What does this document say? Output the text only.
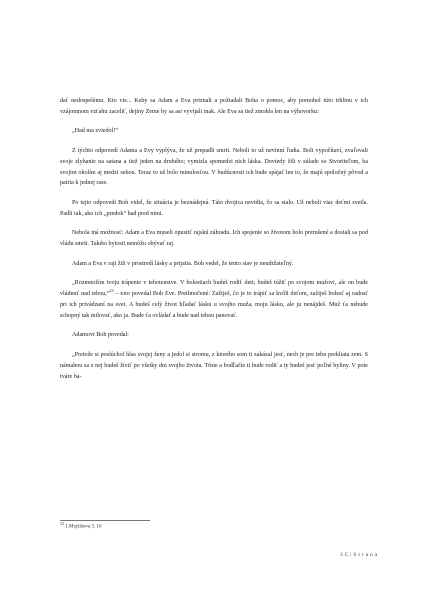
dať nedospelému. Kto vie... Keby sa Adam a Eva priznali a požiadali Boha o pomoc, aby pomohol túto trhlinu v ich vzájomnom vzťahu zaceliť, dejiny Zeme by sa asi vyvíjali inak. Ale Eva sa tiež zmohla len na výhovorku:

„Had ma zviedol!“

Z týchto odpovedí Adama a Evy vyplýva, že už prepadli smrti. Neboli to už nevinní ľudia. Boli vypočítaví, zvaľovali svoje zlyhanie na satana a tiež jeden na druhého; vymizla spomedzi nich láska. Dovtedy žili v súlade so Stvoriteľom, ba svojim okolím aj medzi sebou. Teraz to už bolo minulosťou. V budúcnosti ich bude spájať len to, že majú spoločný pôvod a patria k jednej rase.

Po tejto odpovedi Boh videl, že situácia je beznádejná. Táto dvojica nevidia, čo sa stalo. Už neboli viac deťmi svetla. Padli tak, ako ich „predok“ had pred nimi.

Nebola iná možnosť: Adam a Eva museli opustiť rajskú záhradu. Ich spojenie so životom bolo prerušené a dostali sa pod vládu smrti. Takéto bytosti nemôžu obývať raj.

Adam a Eva v raji žili v prostredí lásky a prijatia. Boh vedel, že tento stav je neudržateľný.

„Rozmnožím tvoju trápenie v tehotenstve. V bolestiach budeš rodiť deti; budeš túžiť po svojom mužovi, ale on bude vládnuť nad tebou,“$^{23}$ – toto povedal Boh Eve. Pretlmočené: Zažiješ, čo je to trápiť sa kvôli deťom, zažiješ bolesť aj radosť pri ich privádzaní na svet. A budeš celý život hľadať lásku u svojho muža, moju lásku, ale ju nenájdeš. Muž ťa nebude schopný tak milovať, ako ja. Bude ťa ovládať a bude nad tebou panovať.

Adamovi Boh povedal:

„Pretože si poslúchol hlas svojej ženy a jedol si stromu, z ktorého som ti zakázal jesť, nech je pre tebu prekliata zem. S námahou sa z nej budeš živiť po všetky dni svojho života. Tŕnie a bodľačie ti bude rodiť a ty budeš jesť poľné byliny. V pote tváre ba-

$^{23}$ 1.Mojžišova 3, 16
3 C | S t r a n a
